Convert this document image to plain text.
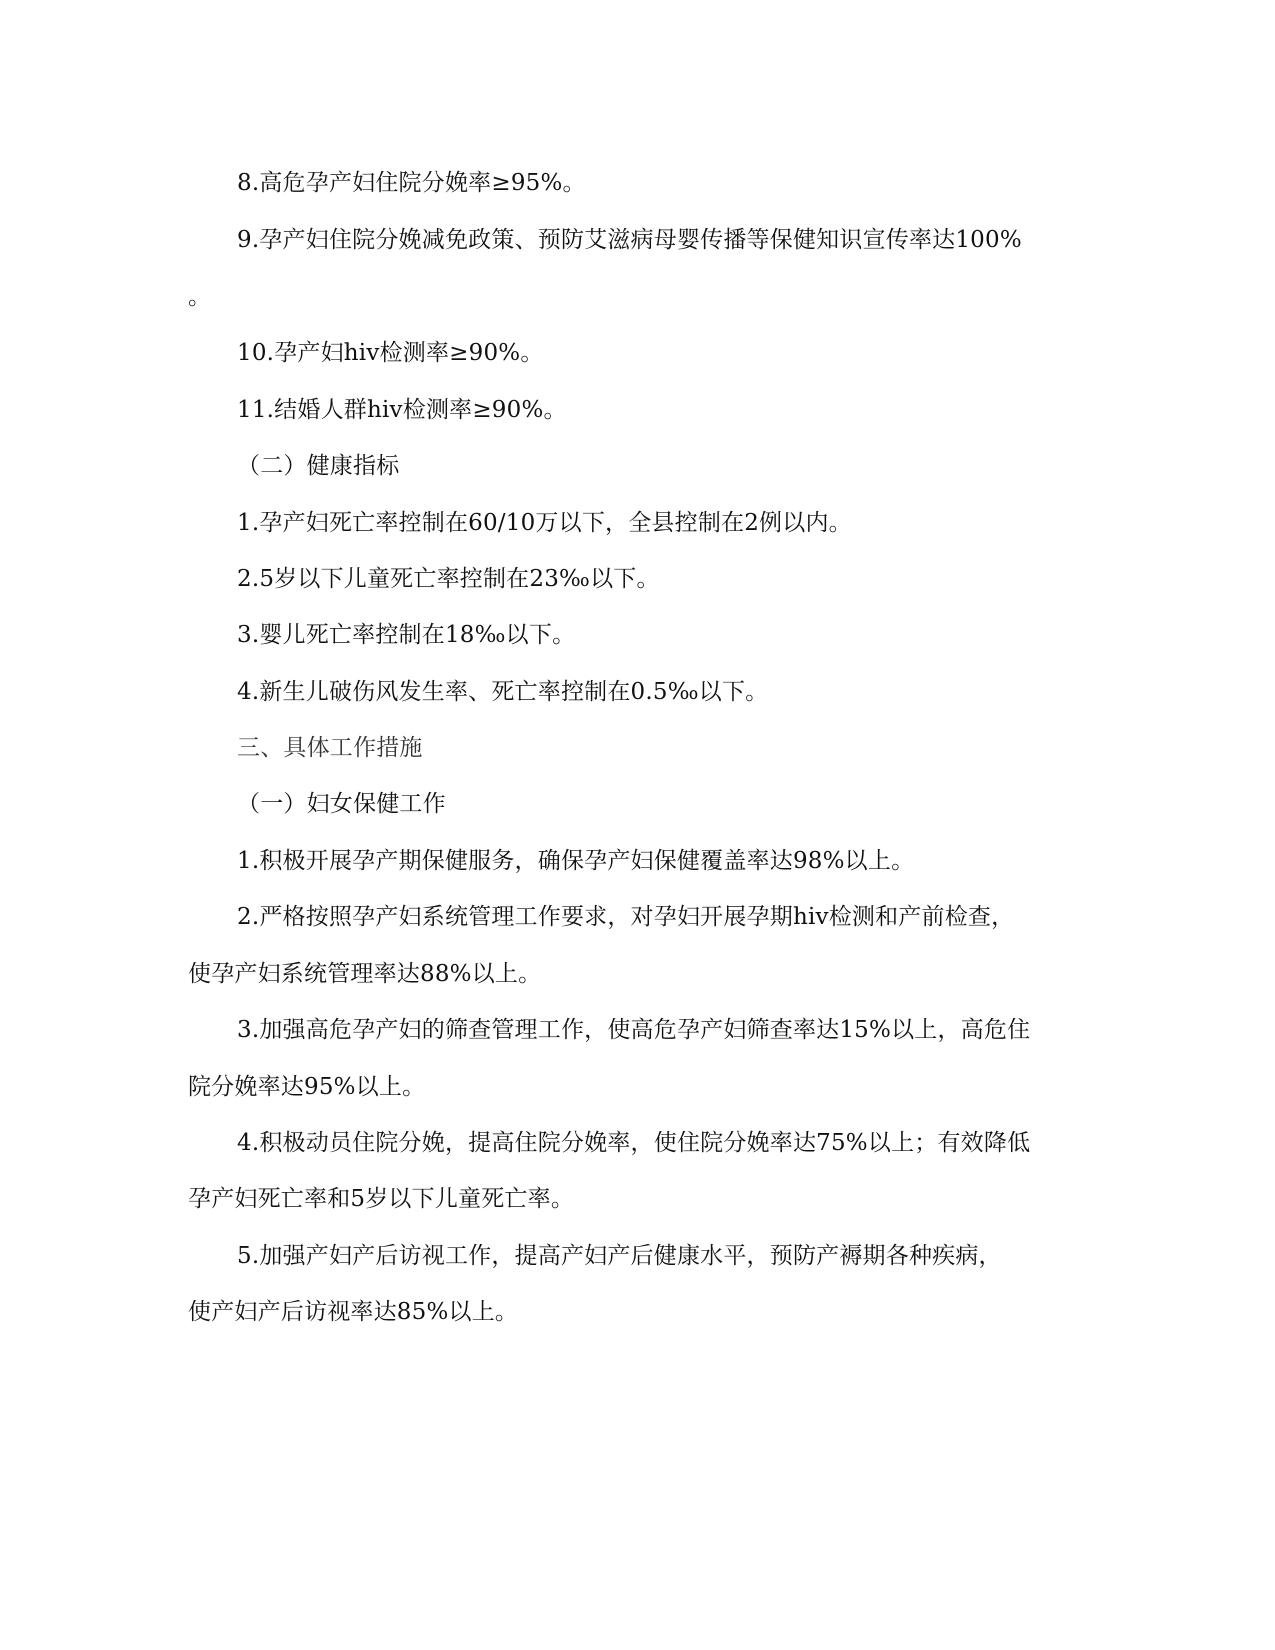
8.高危孕产妇住院分娩率≥95%。
9.孕产妇住院分娩减免政策、预防艾滋病母婴传播等保健知识宣传率达100%
。
10.孕产妇hiv检测率≥90%。
11.结婚人群hiv检测率≥90%。
（二）健康指标
1.孕产妇死亡率控制在60/10万以下，全县控制在2例以内。
2.5岁以下儿童死亡率控制在23‰以下。
3.婴儿死亡率控制在18‰以下。
4.新生儿破伤风发生率、死亡率控制在0.5‰以下。
三、具体工作措施
（一）妇女保健工作
1.积极开展孕产期保健服务，确保孕产妇保健覆盖率达98%以上。
2.严格按照孕产妇系统管理工作要求，对孕妇开展孕期hiv检测和产前检查，
使孕产妇系统管理率达88%以上。
3.加强高危孕产妇的筛查管理工作，使高危孕产妇筛查率达15%以上，高危住
院分娩率达95%以上。
4.积极动员住院分娩，提高住院分娩率，使住院分娩率达75%以上；有效降低
孕产妇死亡率和5岁以下儿童死亡率。
5.加强产妇产后访视工作，提高产妇产后健康水平，预防产褥期各种疾病，
使产妇产后访视率达85%以上。
